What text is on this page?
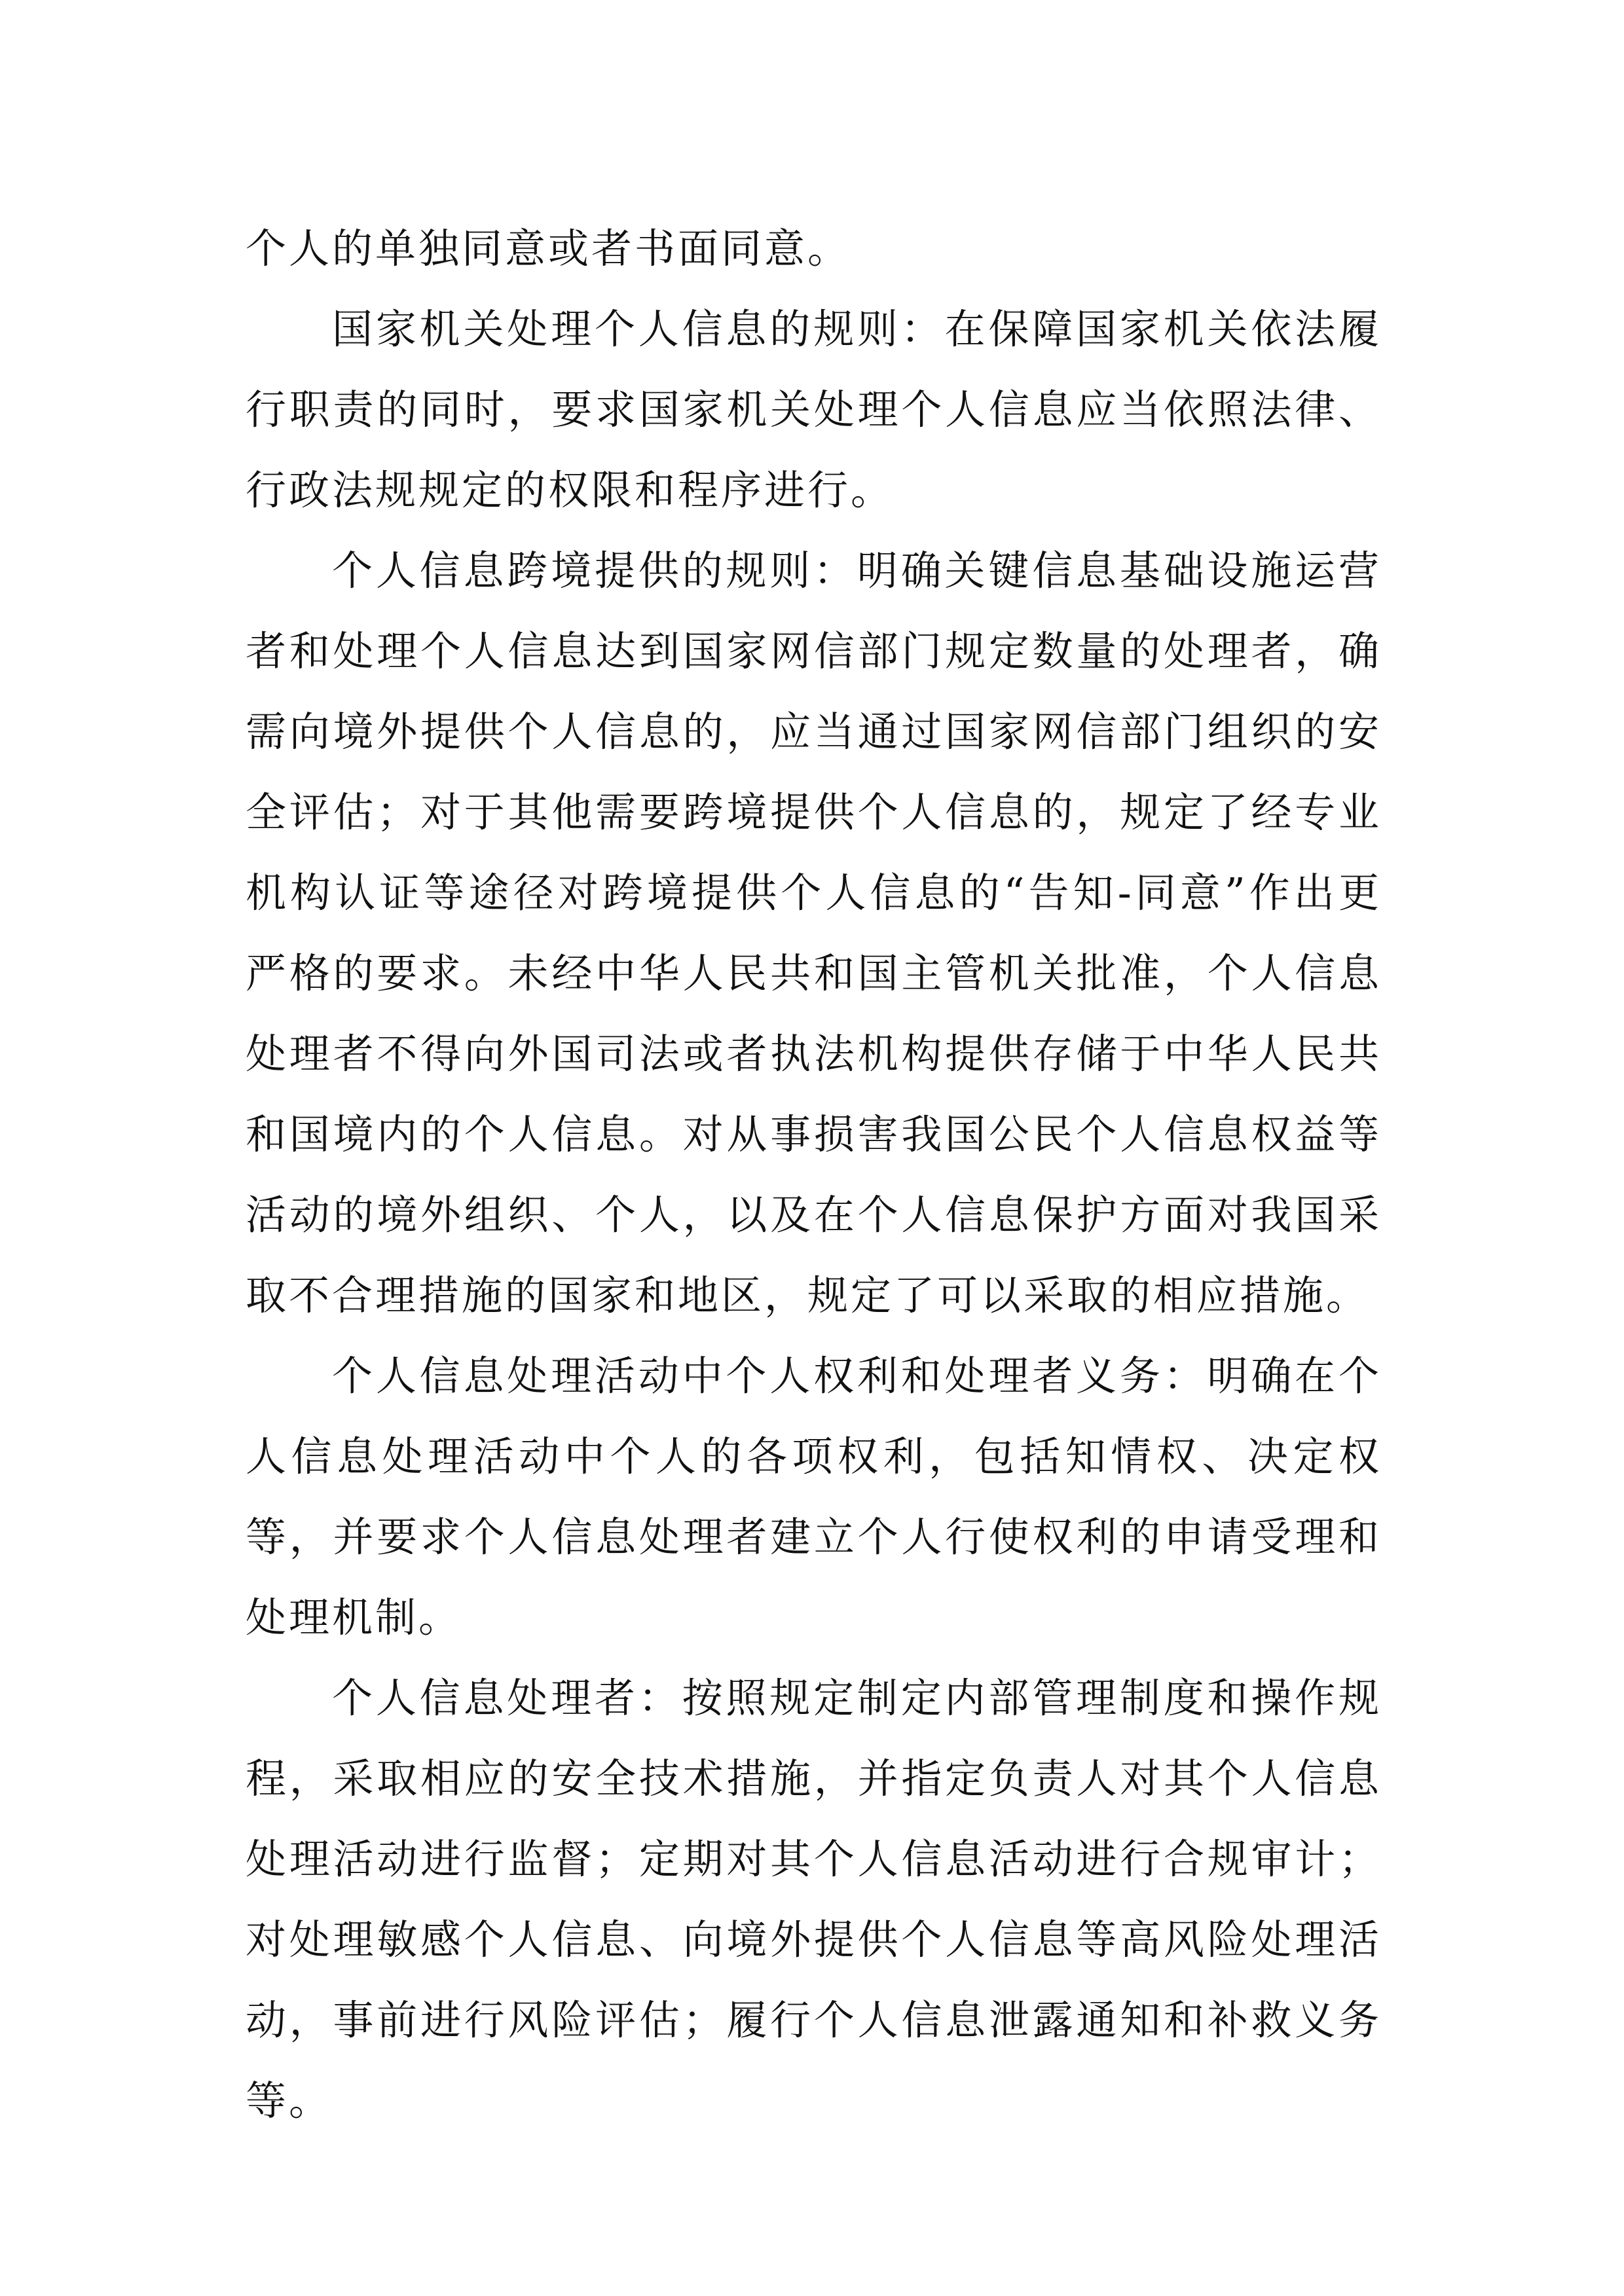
个人的单独同意或者书面同意。

国家机关处理个人信息的规则：在保障国家机关依法履行职责的同时，要求国家机关处理个人信息应当依照法律、行政法规规定的权限和程序进行。

个人信息跨境提供的规则：明确关键信息基础设施运营者和处理个人信息达到国家网信部门规定数量的处理者，确需向境外提供个人信息的，应当通过国家网信部门组织的安全评估；对于其他需要跨境提供个人信息的，规定了经专业机构认证等途径对跨境提供个人信息的“告知-同意”作出更严格的要求。未经中华人民共和国主管机关批准，个人信息处理者不得向外国司法或者执法机构提供存储于中华人民共和国境内的个人信息。对从事损害我国公民个人信息权益等活动的境外组织、个人，以及在个人信息保护方面对我国采取不合理措施的国家和地区，规定了可以采取的相应措施。

个人信息处理活动中个人权利和处理者义务：明确在个人信息处理活动中个人的各项权利，包括知情权、决定权等，并要求个人信息处理者建立个人行使权利的申请受理和处理机制。

个人信息处理者：按照规定制定内部管理制度和操作规程，采取相应的安全技术措施，并指定负责人对其个人信息处理活动进行监督；定期对其个人信息活动进行合规审计；对处理敏感个人信息、向境外提供个人信息等高风险处理活动，事前进行风险评估；履行个人信息泄露通知和补救义务等。
